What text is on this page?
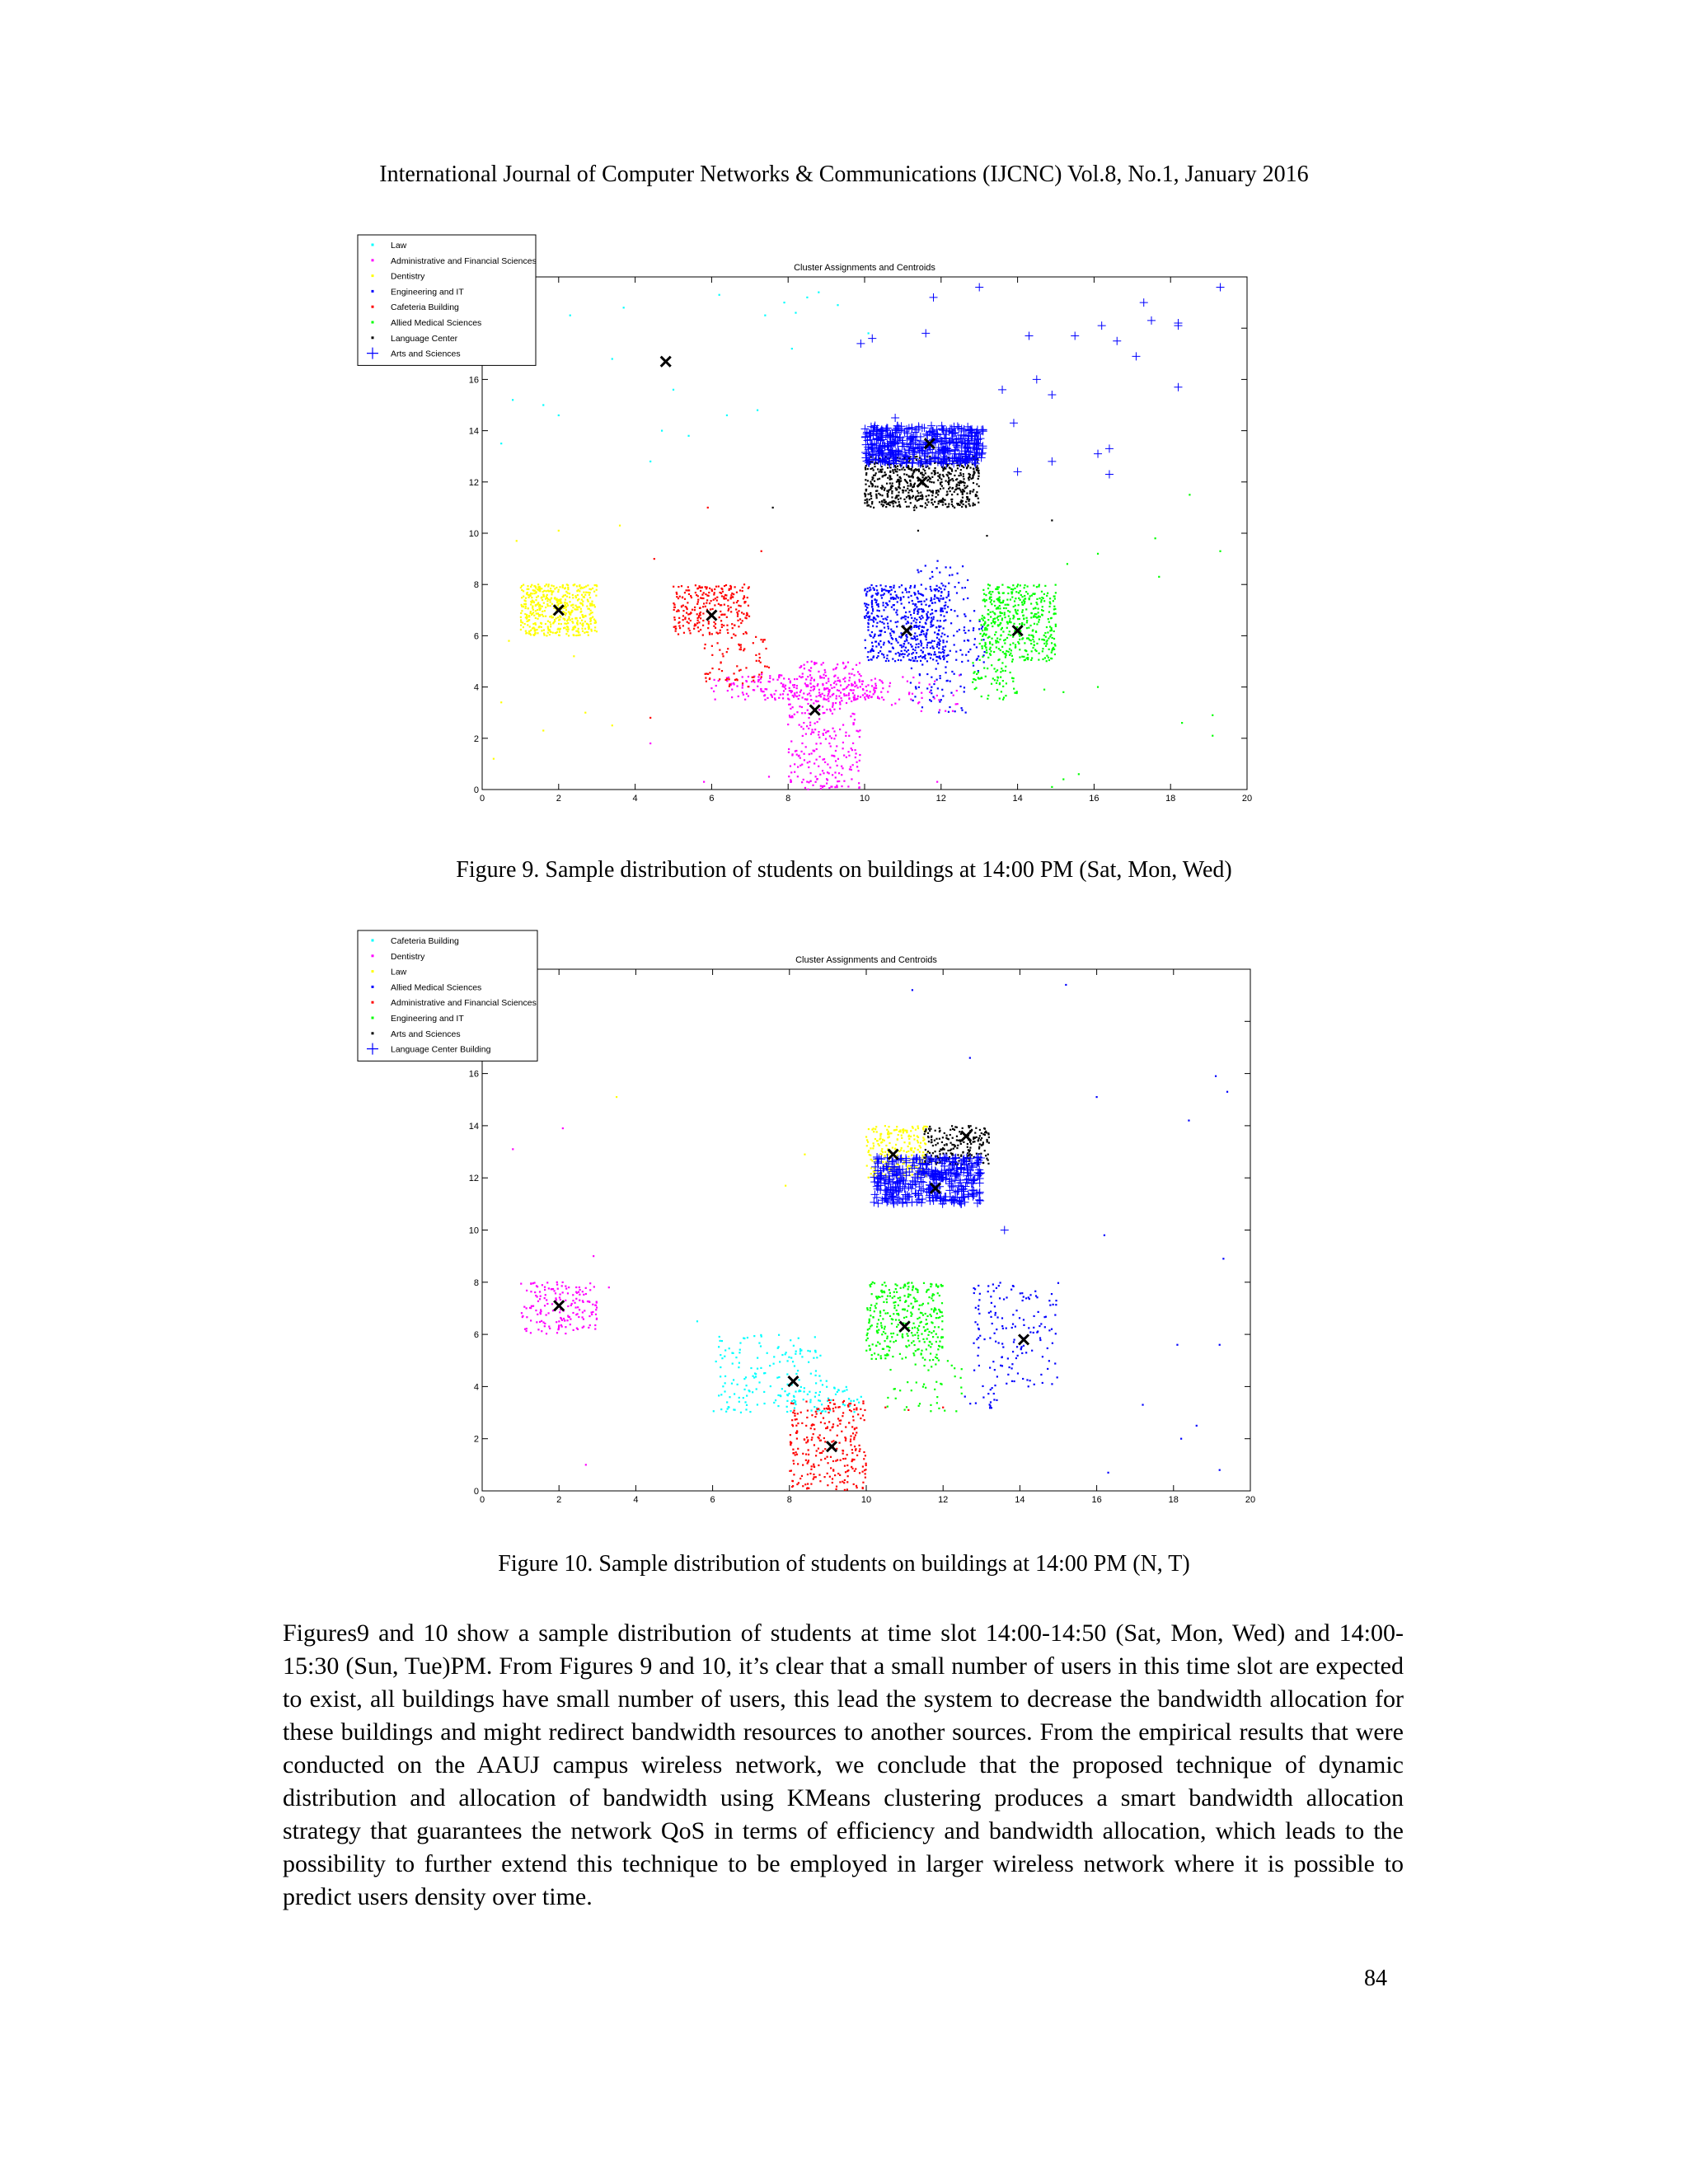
International Journal of Computer Networks & Communications (IJCNC) Vol.8, No.1, January 2016
Cluster Assignments and Centroids
0	2	4	6	8	10	12	14	16	18	20
0
2
4
6
8
10
12
14
16
Law
Administrative and Financial Sciences
Dentistry
Engineering and IT
Cafeteria Building
Allied Medical Sciences
Language Center
Arts and Sciences
Figure 9. Sample distribution of students on buildings at 14:00 PM (Sat, Mon, Wed)
Cluster Assignments and Centroids
0	2	4	6	8	10	12	14	16	18	20
0
2
4
6
8
10
12
14
16
Cafeteria Building
Dentistry
Law
Allied Medical Sciences
Administrative and Financial Sciences
Engineering and IT
Arts and Sciences
Language Center Building
Figure 10. Sample distribution of students on buildings at 14:00 PM (N, T)
Figures9 and 10 show a sample distribution of students at time slot 14:00-14:50 (Sat, Mon, Wed) and 14:00- 15:30 (Sun, Tue)PM. From Figures 9 and 10, it’s clear that a small number of users in this time slot are expected to exist, all buildings have small number of users, this lead the system to decrease the bandwidth allocation for these buildings and might redirect bandwidth resources to another sources. From the empirical results that were conducted on the AAUJ campus wireless network, we conclude that the proposed technique of dynamic distribution and allocation of bandwidth using KMeans clustering produces a smart bandwidth allocation strategy that guarantees the network QoS in terms of efficiency and bandwidth allocation, which leads to the possibility to further extend this technique to be employed in larger wireless network where it is possible to predict users density over time.
84
